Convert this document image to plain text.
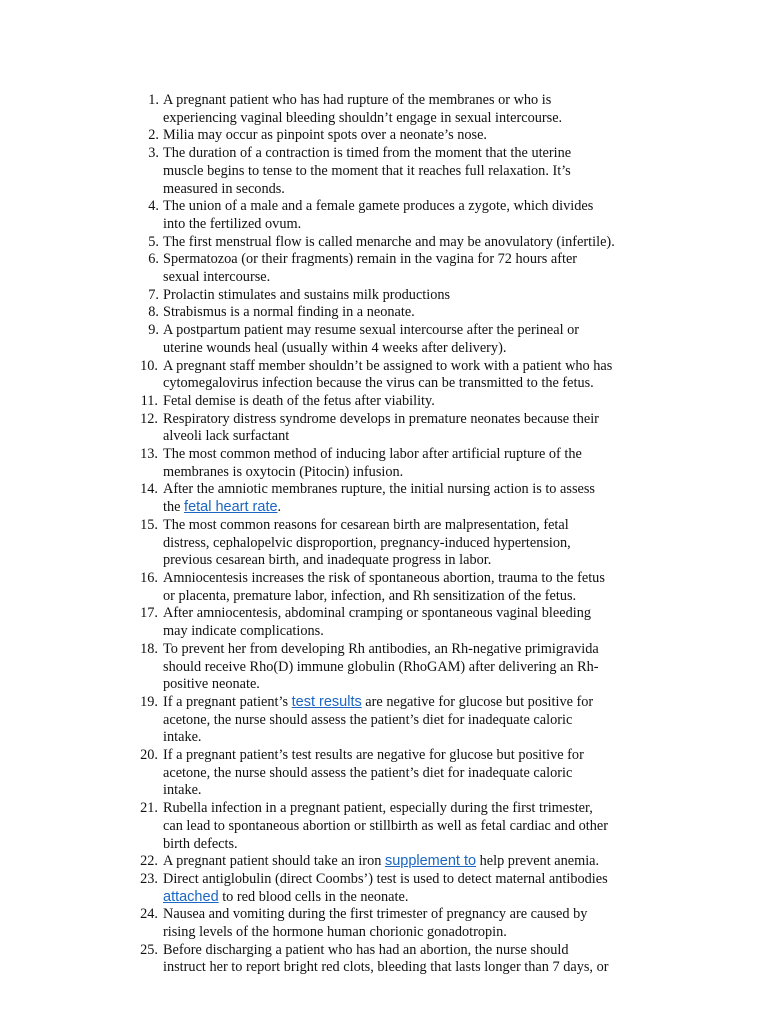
1. A pregnant patient who has had rupture of the membranes or who is
experiencing vaginal bleeding shouldn’t engage in sexual intercourse.
2. Milia may occur as pinpoint spots over a neonate’s nose.
3. The duration of a contraction is timed from the moment that the uterine
muscle begins to tense to the moment that it reaches full relaxation. It’s
measured in seconds.
4. The union of a male and a female gamete produces a zygote, which divides
into the fertilized ovum.
5. The first menstrual flow is called menarche and may be anovulatory (infertile).
6. Spermatozoa (or their fragments) remain in the vagina for 72 hours after
sexual intercourse.
7. Prolactin stimulates and sustains milk productions
8. Strabismus is a normal finding in a neonate.
9. A postpartum patient may resume sexual intercourse after the perineal or
uterine wounds heal (usually within 4 weeks after delivery).
10. A pregnant staff member shouldn’t be assigned to work with a patient who has
cytomegalovirus infection because the virus can be transmitted to the fetus.
11. Fetal demise is death of the fetus after viability.
12. Respiratory distress syndrome develops in premature neonates because their
alveoli lack surfactant
13. The most common method of inducing labor after artificial rupture of the
membranes is oxytocin (Pitocin) infusion.
14. After the amniotic membranes rupture, the initial nursing action is to assess
the fetal heart rate.
15. The most common reasons for cesarean birth are malpresentation, fetal
distress, cephalopelvic disproportion, pregnancy-induced hypertension,
previous cesarean birth, and inadequate progress in labor.
16. Amniocentesis increases the risk of spontaneous abortion, trauma to the fetus
or placenta, premature labor, infection, and Rh sensitization of the fetus.
17. After amniocentesis, abdominal cramping or spontaneous vaginal bleeding
may indicate complications.
18. To prevent her from developing Rh antibodies, an Rh-negative primigravida
should receive Rho(D) immune globulin (RhoGAM) after delivering an Rh-
positive neonate.
19. If a pregnant patient’s test results are negative for glucose but positive for
acetone, the nurse should assess the patient’s diet for inadequate caloric
intake.
20. If a pregnant patient’s test results are negative for glucose but positive for
acetone, the nurse should assess the patient’s diet for inadequate caloric
intake.
21. Rubella infection in a pregnant patient, especially during the first trimester,
can lead to spontaneous abortion or stillbirth as well as fetal cardiac and other
birth defects.
22. A pregnant patient should take an iron supplement to help prevent anemia.
23. Direct antiglobulin (direct Coombs’) test is used to detect maternal antibodies
attached to red blood cells in the neonate.
24. Nausea and vomiting during the first trimester of pregnancy are caused by
rising levels of the hormone human chorionic gonadotropin.
25. Before discharging a patient who has had an abortion, the nurse should
instruct her to report bright red clots, bleeding that lasts longer than 7 days, or
